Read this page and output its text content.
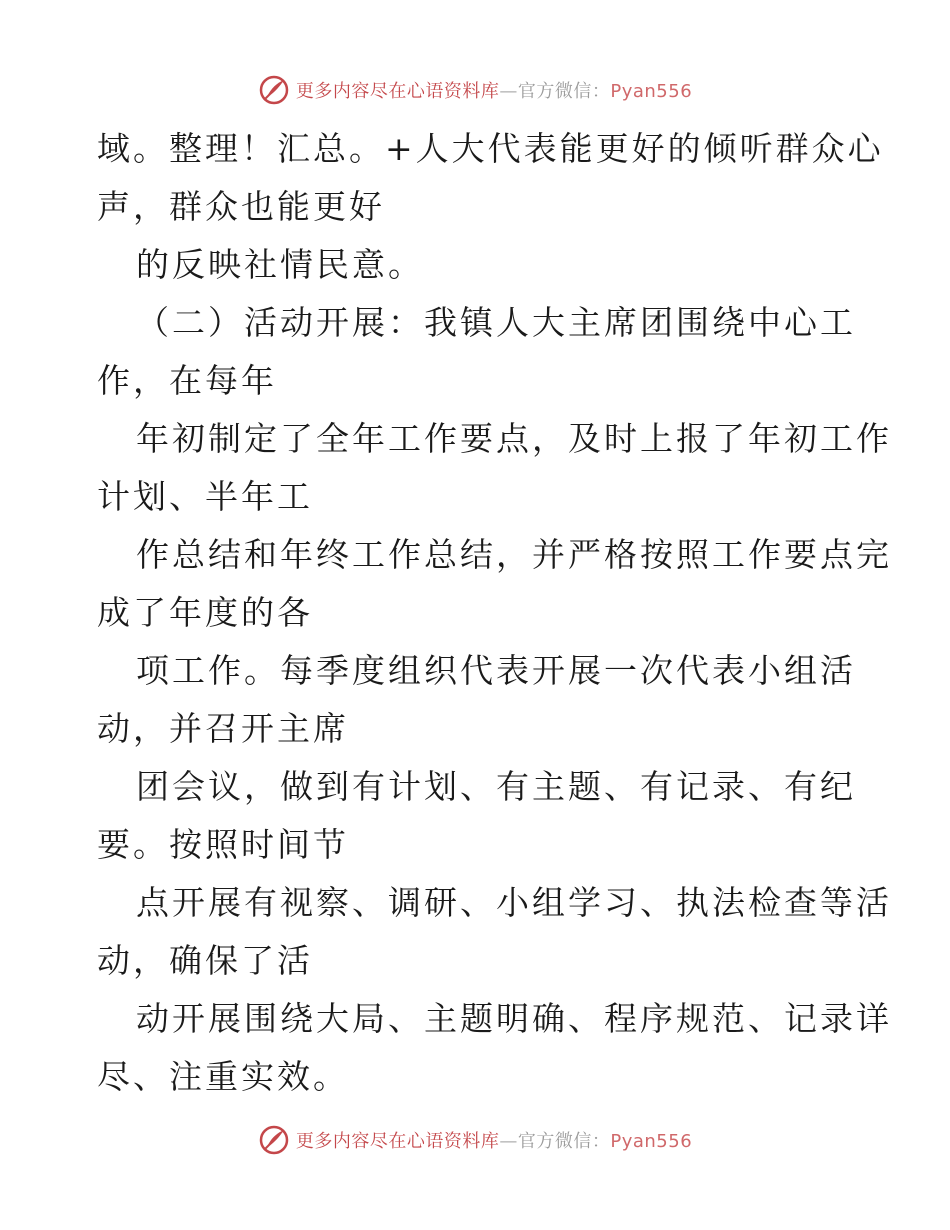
更多内容尽在心语资料库—官方微信：Pyan556
域。整理！汇总。+人大代表能更好的倾听群众心
声，群众也能更好
的反映社情民意。
（二）活动开展：我镇人大主席团围绕中心工
作，在每年
年初制定了全年工作要点，及时上报了年初工作
计划、半年工
作总结和年终工作总结，并严格按照工作要点完
成了年度的各
项工作。每季度组织代表开展一次代表小组活
动，并召开主席
团会议，做到有计划、有主题、有记录、有纪
要。按照时间节
点开展有视察、调研、小组学习、执法检查等活
动，确保了活
动开展围绕大局、主题明确、程序规范、记录详
尽、注重实效。
更多内容尽在心语资料库—官方微信：Pyan556
